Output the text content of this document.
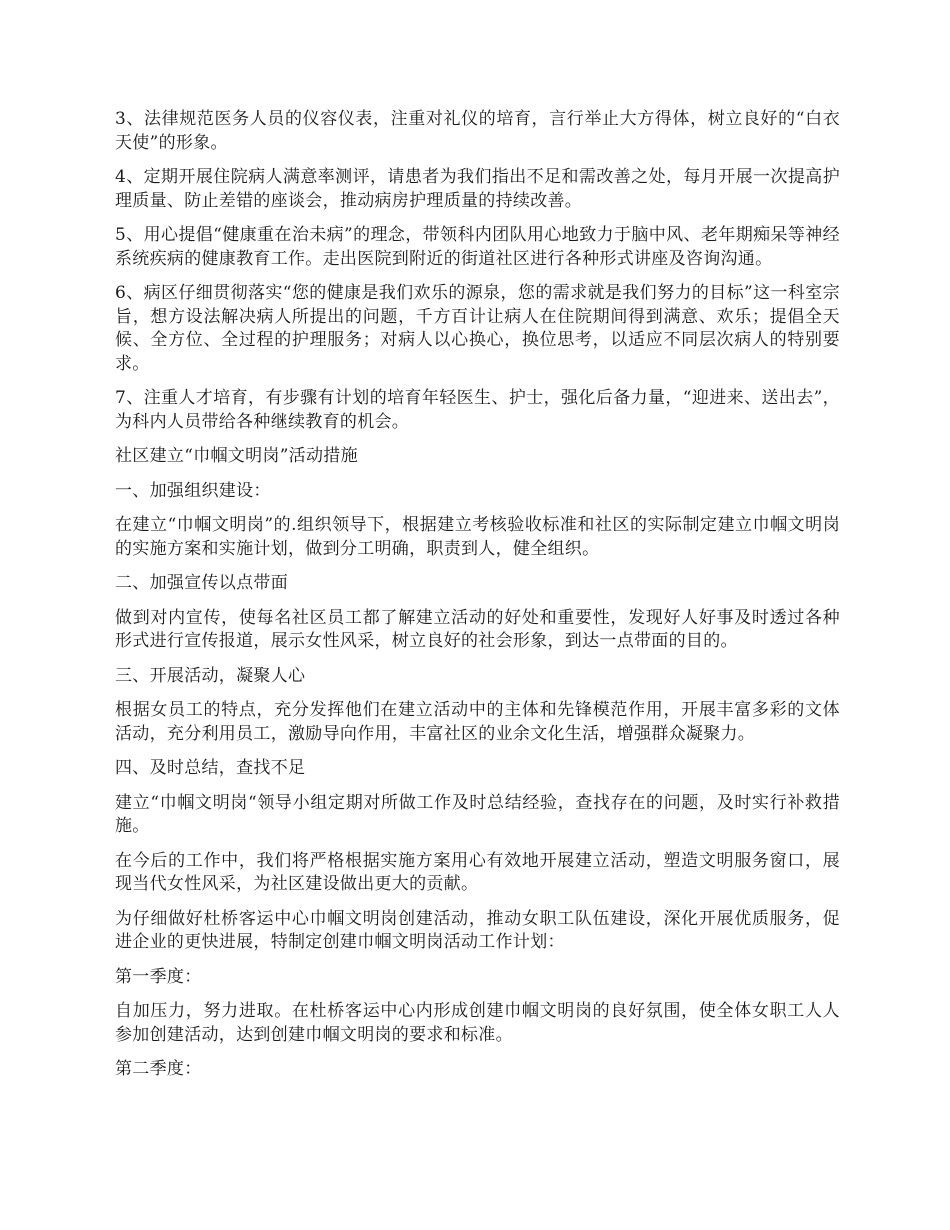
3、法律规范医务人员的仪容仪表，注重对礼仪的培育，言行举止大方得体，树立良好的“白衣天使”的形象。

4、定期开展住院病人满意率测评，请患者为我们指出不足和需改善之处，每月开展一次提高护理质量、防止差错的座谈会，推动病房护理质量的持续改善。

5、用心提倡“健康重在治未病”的理念，带领科内团队用心地致力于脑中风、老年期痴呆等神经系统疾病的健康教育工作。走出医院到附近的街道社区进行各种形式讲座及咨询沟通。

6、病区仔细贯彻落实“您的健康是我们欢乐的源泉，您的需求就是我们努力的目标”这一科室宗旨，想方设法解决病人所提出的问题，千方百计让病人在住院期间得到满意、欢乐；提倡全天候、全方位、全过程的护理服务；对病人以心换心，换位思考，以适应不同层次病人的特别要求。

7、注重人才培育，有步骤有计划的培育年轻医生、护士，强化后备力量，“迎进来、送出去”，为科内人员带给各种继续教育的机会。

社区建立“巾帼文明岗”活动措施

一、加强组织建设：

在建立“巾帼文明岗”的.组织领导下，根据建立考核验收标准和社区的实际制定建立巾帼文明岗的实施方案和实施计划，做到分工明确，职责到人，健全组织。

二、加强宣传以点带面

做到对内宣传，使每名社区员工都了解建立活动的好处和重要性，发现好人好事及时透过各种形式进行宣传报道，展示女性风采，树立良好的社会形象，到达一点带面的目的。

三、开展活动，凝聚人心

根据女员工的特点，充分发挥他们在建立活动中的主体和先锋模范作用，开展丰富多彩的文体活动，充分利用员工，激励导向作用，丰富社区的业余文化生活，增强群众凝聚力。

四、及时总结，查找不足

建立“巾帼文明岗“领导小组定期对所做工作及时总结经验，查找存在的问题，及时实行补救措施。

在今后的工作中，我们将严格根据实施方案用心有效地开展建立活动，塑造文明服务窗口，展现当代女性风采，为社区建设做出更大的贡献。

为仔细做好杜桥客运中心巾帼文明岗创建活动，推动女职工队伍建设，深化开展优质服务，促进企业的更快进展，特制定创建巾帼文明岗活动工作计划：

第一季度：

自加压力，努力进取。在杜桥客运中心内形成创建巾帼文明岗的良好氛围，使全体女职工人人参加创建活动，达到创建巾帼文明岗的要求和标准。

第二季度：
